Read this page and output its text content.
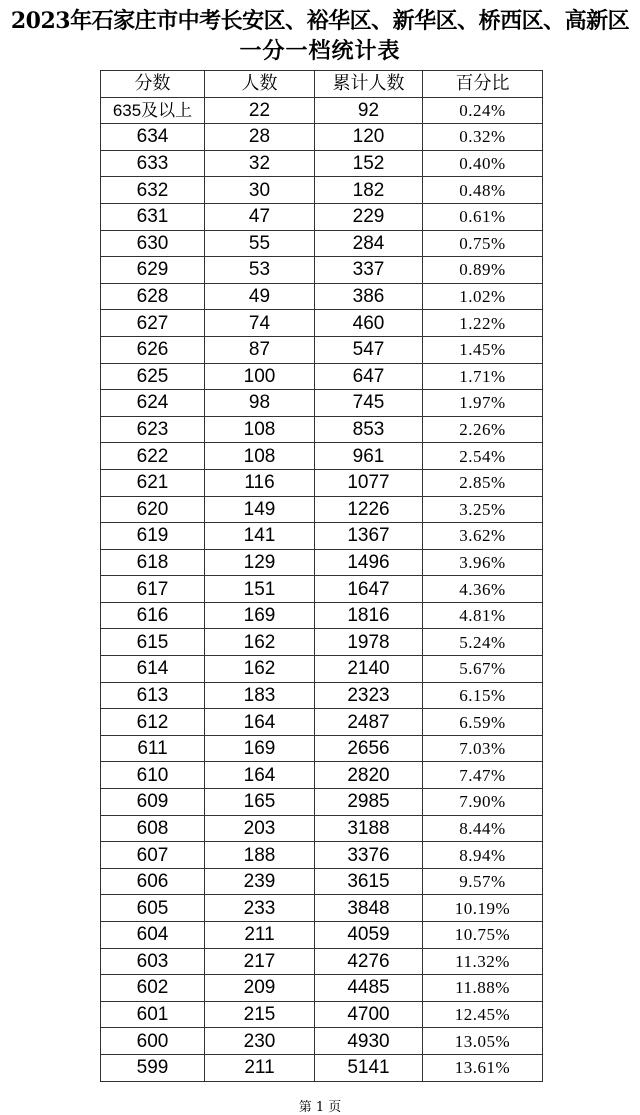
2023年石家庄市中考长安区、裕华区、新华区、桥西区、高新区
一分一档统计表
分数	人数	累计人数	百分比
635及以上	22	92	0.24%
634	28	120	0.32%
633	32	152	0.40%
632	30	182	0.48%
631	47	229	0.61%
630	55	284	0.75%
629	53	337	0.89%
628	49	386	1.02%
627	74	460	1.22%
626	87	547	1.45%
625	100	647	1.71%
624	98	745	1.97%
623	108	853	2.26%
622	108	961	2.54%
621	116	1077	2.85%
620	149	1226	3.25%
619	141	1367	3.62%
618	129	1496	3.96%
617	151	1647	4.36%
616	169	1816	4.81%
615	162	1978	5.24%
614	162	2140	5.67%
613	183	2323	6.15%
612	164	2487	6.59%
611	169	2656	7.03%
610	164	2820	7.47%
609	165	2985	7.90%
608	203	3188	8.44%
607	188	3376	8.94%
606	239	3615	9.57%
605	233	3848	10.19%
604	211	4059	10.75%
603	217	4276	11.32%
602	209	4485	11.88%
601	215	4700	12.45%
600	230	4930	13.05%
599	211	5141	13.61%
第 1 页
